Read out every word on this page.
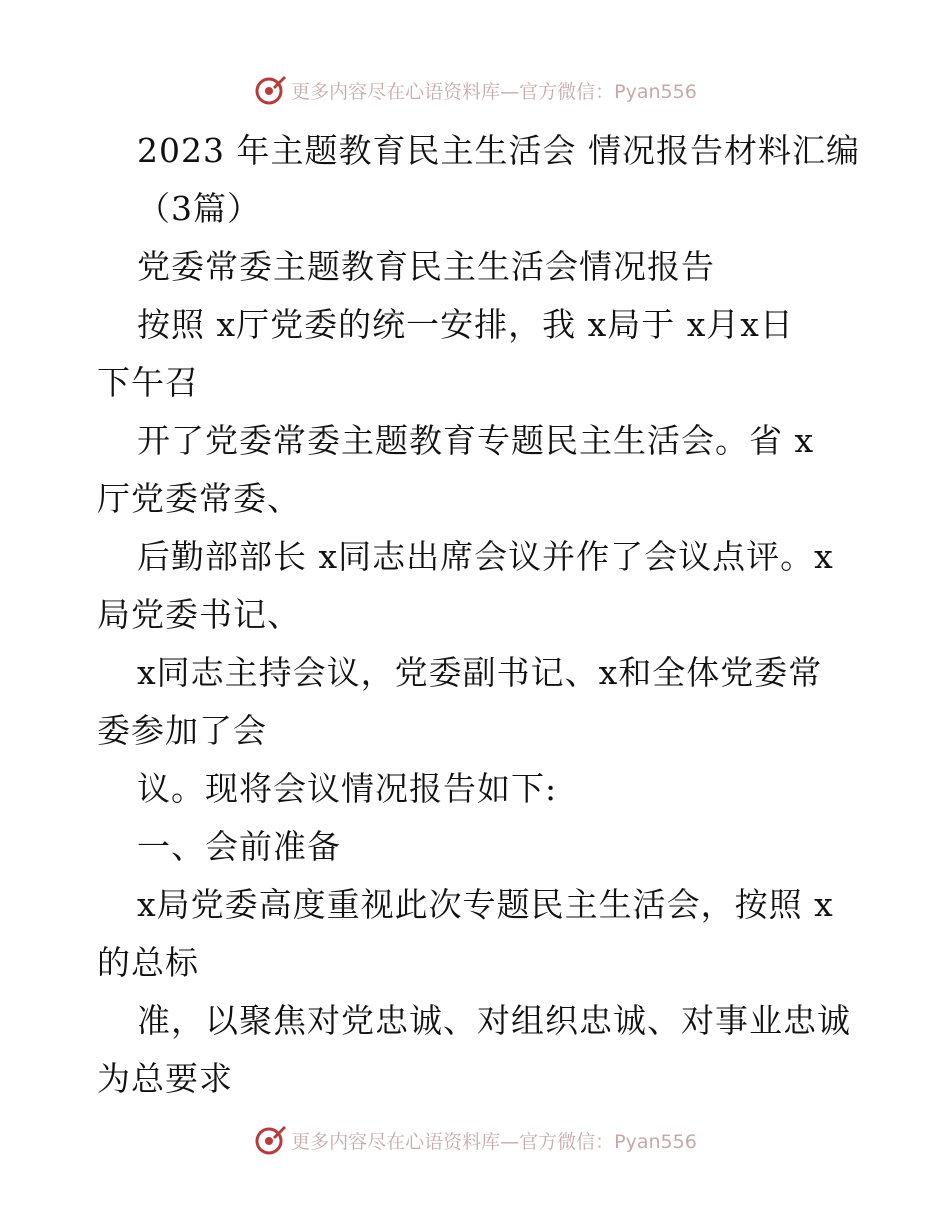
更多内容尽在心语资料库—官方微信：Pyan556
2023 年主题教育民主生活会 情况报告材料汇编
（3篇）
党委常委主题教育民主生活会情况报告
按照 x厅党委的统一安排，我 x局于 x月x日
下午召
开了党委常委主题教育专题民主生活会。省 x
厅党委常委、
后勤部部长 x同志出席会议并作了会议点评。x
局党委书记、
x同志主持会议，党委副书记、x和全体党委常
委参加了会
议。现将会议情况报告如下:
一、会前准备
x局党委高度重视此次专题民主生活会，按照 x
的总标
准，以聚焦对党忠诚、对组织忠诚、对事业忠诚
为总要求
更多内容尽在心语资料库—官方微信：Pyan556
